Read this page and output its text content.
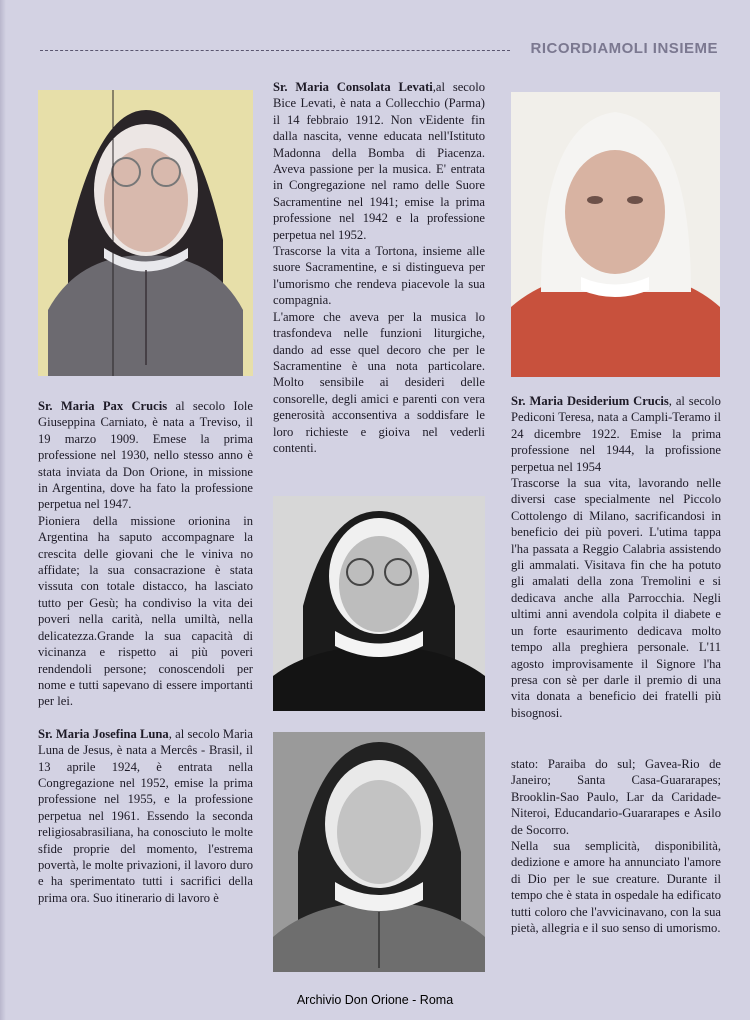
RICORDIAMOLI INSIEME

Sr. Maria Pax Crucis al secolo Iole Giuseppina Carniato, è nata a Treviso, il 19 marzo 1909. Emese la prima professione nel 1930, nello stesso anno è stata inviata da Don Orione, in missione in Argentina, dove ha fato la professione perpetua nel 1947.

Pioniera della missione orionina in Argentina ha saputo accompagnare la crescita delle giovani che le viniva no affidate; la sua consacrazione è stata vissuta con totale distacco, ha lasciato tutto per Gesù; ha condiviso la vita dei poveri nella carità, nella umiltà, nella delicatezza.Grande la sua capacità di vicinanza e rispetto ai più poveri rendendoli persone; conoscendoli per nome e tutti sapevano di essere importanti per lei.

Sr. Maria Josefina Luna, al secolo Maria Luna de Jesus, è nata a Mercês - Brasil, il 13 aprile 1924, è entrata nella Congregazione nel 1952, emise la prima professione nel 1955, e la professione perpetua nel 1961. Essendo la seconda religiosabrasiliana, ha conosciuto le molte sfide proprie del momento, l'estrema povertà, le molte privazioni, il lavoro duro e ha sperimentato tutti i sacrifici della prima ora. Suo itinerario di lavoro è

Sr. Maria Consolata Levati,al secolo Bice Levati, è nata a Collecchio (Parma) il 14 febbraio 1912. Non vEidente fin dalla nascita, venne educata nell'Istituto Madonna della Bomba di Piacenza. Aveva passione per la musica. E' entrata in Congregazione nel ramo delle Suore Sacramentine nel 1941; emise la prima professione nel 1942 e la professione perpetua nel 1952.

Trascorse la vita a Tortona, insieme alle suore Sacramentine, e si distingueva per l'umorismo che rendeva piacevole la sua compagnia.

L'amore che aveva per la musica lo trasfondeva nelle funzioni liturgiche, dando ad esse quel decoro che per le Sacramentine è una nota particolare. Molto sensibile ai desideri delle consorelle, degli amici e parenti con vera generosità acconsentiva a soddisfare le loro richieste e gioiva nel vederli contenti.

Sr. Maria Desiderium Crucis, al secolo Pediconi Teresa, nata a Campli-Teramo il 24 dicembre 1922. Emise la prima professione nel 1944, la profissione perpetua nel 1954

Trascorse la sua vita, lavorando nelle diversi case specialmente nel Piccolo Cottolengo di Milano, sacrificandosi in beneficio dei più poveri. L'utima tappa l'ha passata a Reggio Calabria assistendo gli ammalati. Visitava fin che ha potuto gli amalati della zona Tremolini e si dedicava anche alla Parrocchia. Negli ultimi anni avendola colpita il diabete e un forte esaurimento dedicava molto tempo alla preghiera personale. L'11 agosto improvisamente il Signore l'ha presa con sè per darle il premio di una vita donata a beneficio dei fratelli più bisognosi.

stato: Paraiba do sul; Gavea-Rio de Janeiro; Santa Casa-Guararapes; Brooklin-Sao Paulo, Lar da Caridade-Niteroi, Educandario-Guararapes e Asilo de Socorro.

Nella sua semplicità, disponibilità, dedizione e amore ha annunciato l'amore di Dio per le sue creature. Durante il tempo che è stata in ospedale ha edificato tutti coloro che l'avvicinavano, con la sua pietà, allegria e il suo senso di umorismo.

Archivio Don Orione - Roma
